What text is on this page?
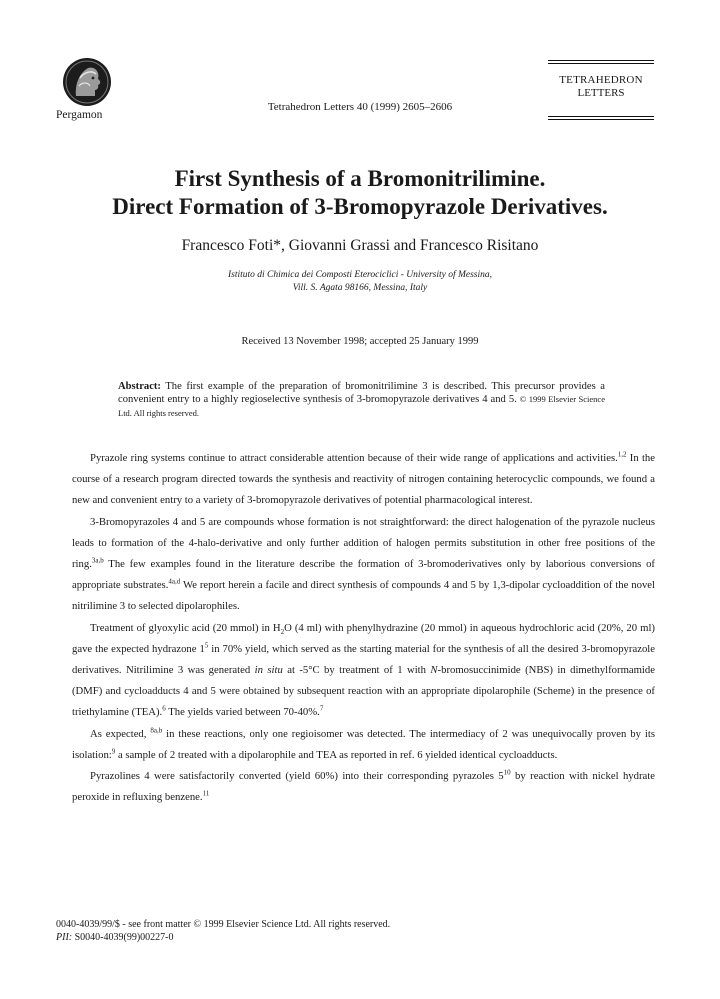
Pergamon
Tetrahedron Letters 40 (1999) 2605–2606
TETRAHEDRON
LETTERS
First Synthesis of a Bromonitrilimine.
Direct Formation of 3-Bromopyrazole Derivatives.
Francesco Foti*, Giovanni Grassi and Francesco Risitano
Istituto di Chimica dei Composti Eterociclici - University of Messina,
Vill. S. Agata 98166, Messina, Italy
Received 13 November 1998; accepted 25 January 1999
Abstract: The first example of the preparation of bromonitrilimine 3 is described. This precursor provides a convenient entry to a highly regioselective synthesis of 3-bromopyrazole derivatives 4 and 5. © 1999 Elsevier Science Ltd. All rights reserved.

Pyrazole ring systems continue to attract considerable attention because of their wide range of applications and activities.$^{1,2}$ In the course of a research program directed towards the synthesis and reactivity of nitrogen containing heterocyclic compounds, we found a new and convenient entry to a variety of 3-bromopyrazole derivatives of potential pharmacological interest.

3-Bromopyrazoles 4 and 5 are compounds whose formation is not straightforward: the direct halogenation of the pyrazole nucleus leads to formation of the 4-halo-derivative and only further addition of halogen permits substitution in other free positions of the ring.$^{3a,b}$ The few examples found in the literature describe the formation of 3-bromoderivatives only by laborious conversions of appropriate substrates.$^{4a,d}$ We report herein a facile and direct synthesis of compounds 4 and 5 by 1,3-dipolar cycloaddition of the novel nitrilimine 3 to selected dipolarophiles.

Treatment of glyoxylic acid (20 mmol) in $H_2O$ (4 ml) with phenylhydrazine (20 mmol) in aqueous hydrochloric acid (20%, 20 ml) gave the expected hydrazone $1^5$ in 70% yield, which served as the starting material for the synthesis of all the desired 3-bromopyrazole derivatives. Nitrilimine 3 was generated in situ at -5°C by treatment of 1 with N-bromosuccinimide (NBS) in dimethylformamide (DMF) and cycloadducts 4 and 5 were obtained by subsequent reaction with an appropriate dipolarophile (Scheme) in the presence of triethylamine (TEA).$^6$ The yields varied between 70-40%.$^7$

As expected, $^{8a,b}$ in these reactions, only one regioisomer was detected. The intermediacy of 2 was unequivocally proven by its isolation:$^9$ a sample of 2 treated with a dipolarophile and TEA as reported in ref. 6 yielded identical cycloadducts.

Pyrazolines 4 were satisfactorily converted (yield 60%) into their corresponding pyrazoles $5^{10}$ by reaction with nickel hydrate peroxide in refluxing benzene.$^{11}$

0040-4039/99/$ - see front matter © 1999 Elsevier Science Ltd. All rights reserved.
PII: S0040-4039(99)00227-0
